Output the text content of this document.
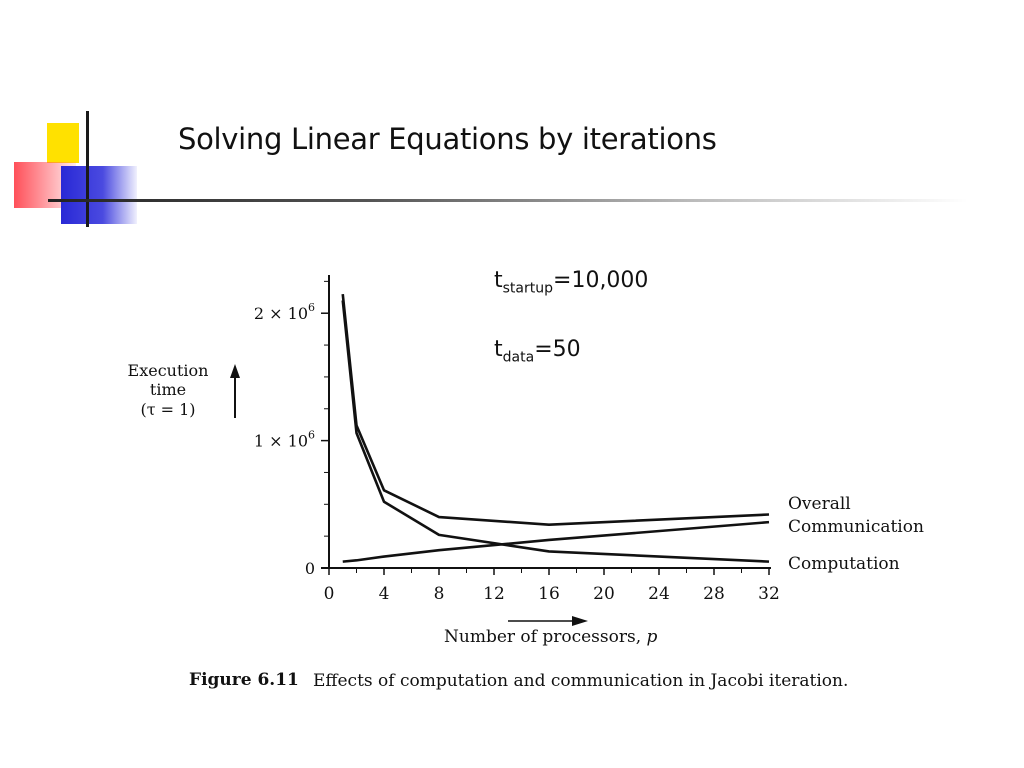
Solving Linear Equations by iterations
$t_{startup}=10,000$
$t_{data}=50$
0
$1 \times 10^6$
$2 \times 10^6$
0	4	8 12 16 20 24 28 32
Overall
Communication
Computation
Execution
time
(τ = 1)
Number of processors, p
Figure 6.11 Effects of computation and communication in Jacobi iteration.
